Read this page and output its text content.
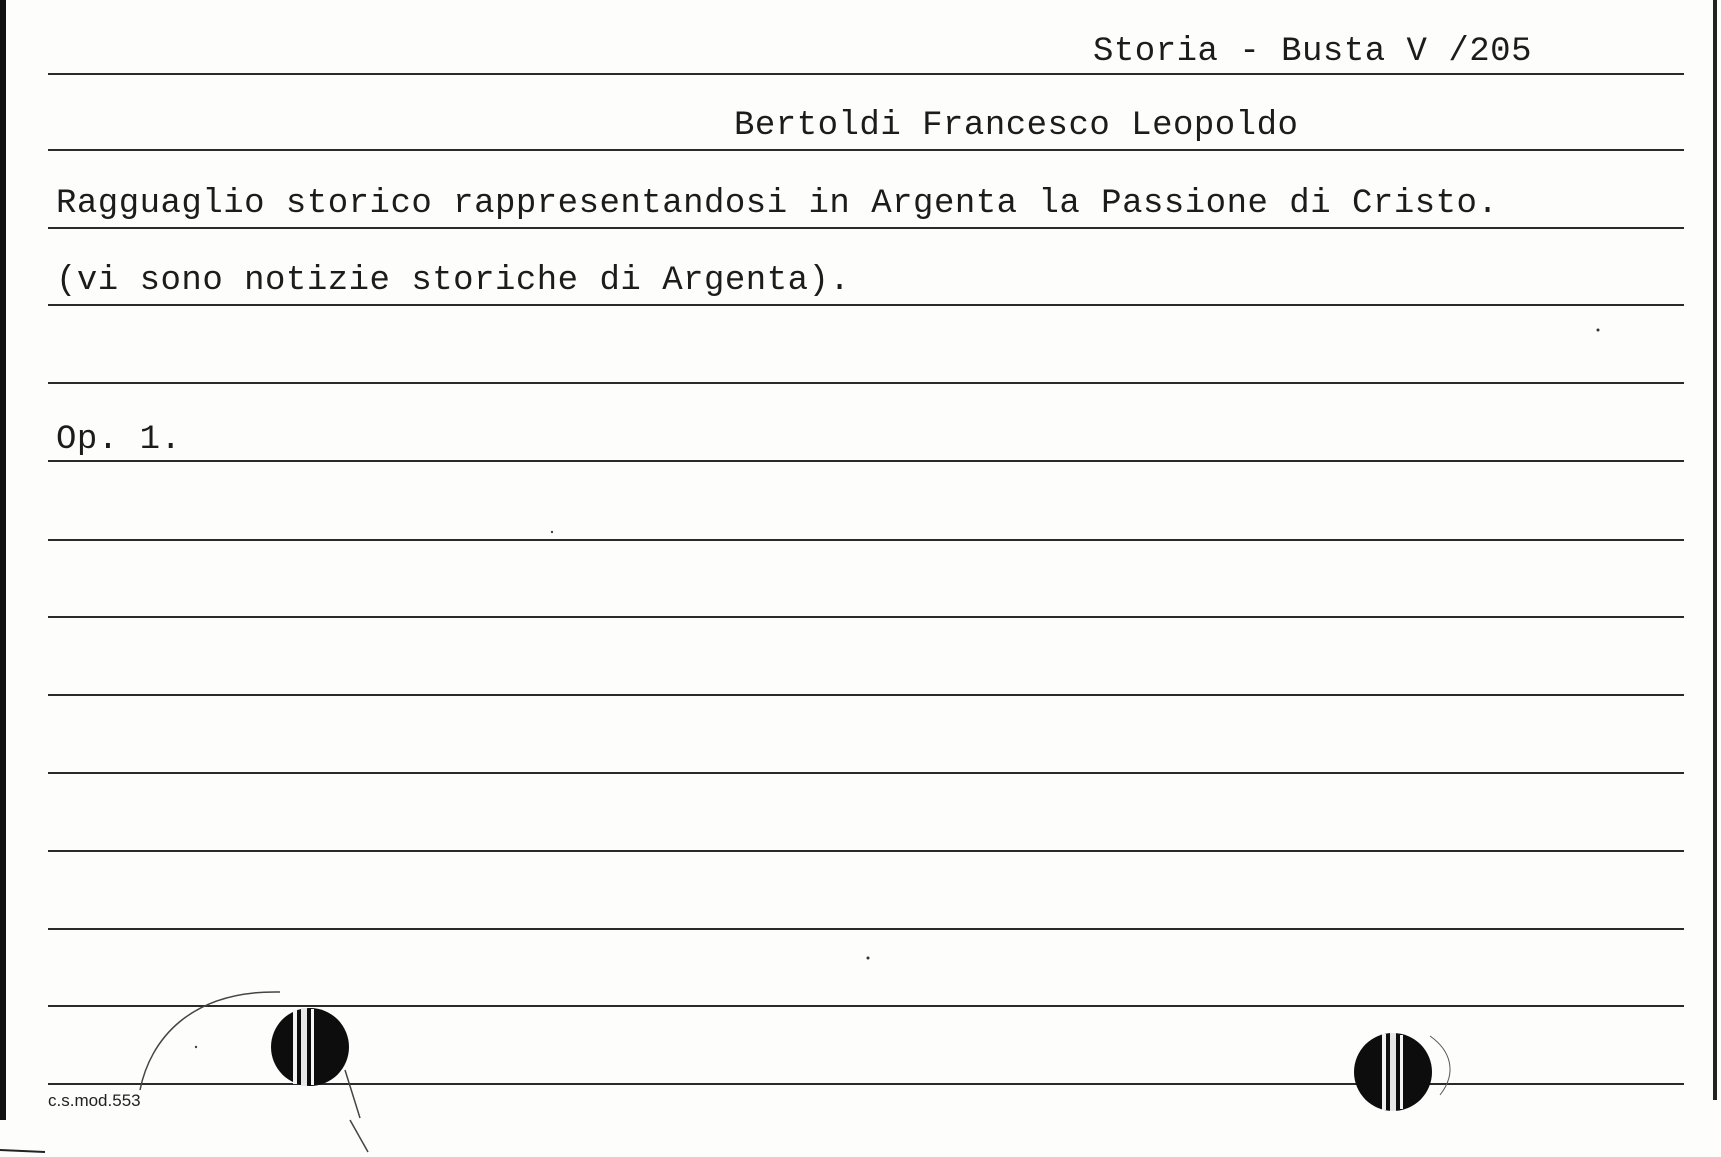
Storia - Busta V /205
Bertoldi Francesco Leopoldo
Ragguaglio storico rappresentandosi in Argenta la Passione di Cristo.
(vi sono notizie storiche di Argenta).
Op. 1.
c.s.mod.553
